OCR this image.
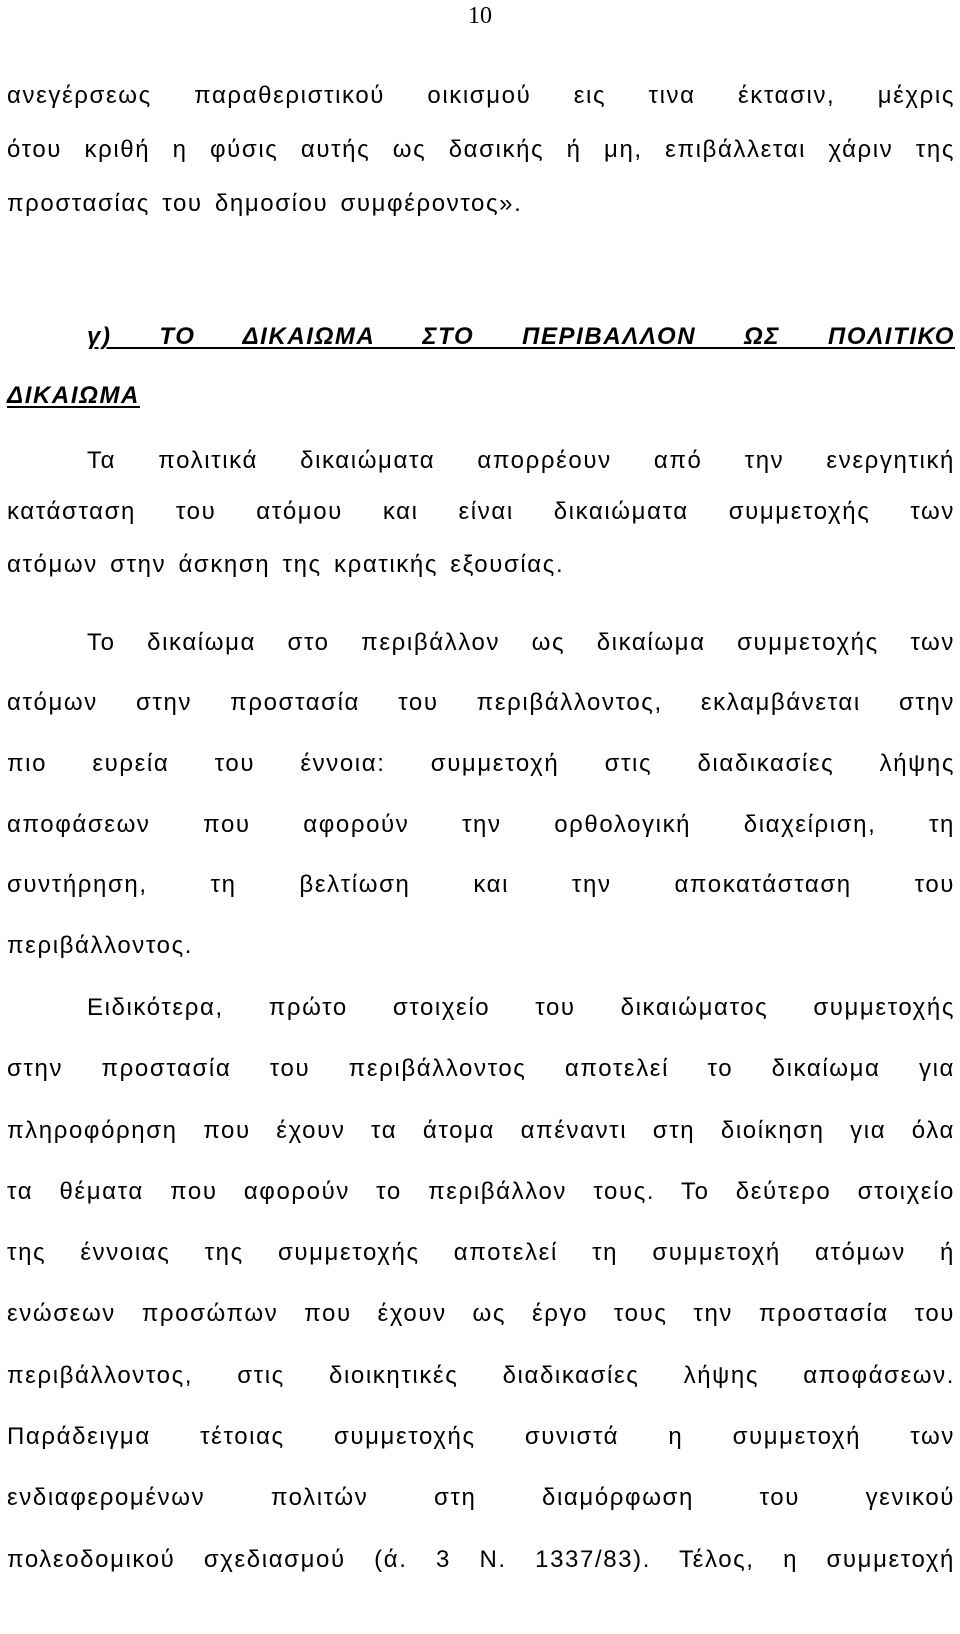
10
ανεγέρσεως παραθεριστικού οικισμού εις τινα έκτασιν, μέχρις
ότου κριθή η φύσις αυτής ως δασικής ή μη, επιβάλλεται χάριν της
προστασίας του δημοσίου συμφέροντος».
γ) ΤΟ ΔΙΚΑΙΩΜΑ ΣΤΟ ΠΕΡΙΒΑΛΛΟΝ ΩΣ ΠΟΛΙΤΙΚΟ
ΔΙΚΑΙΩΜΑ
Τα πολιτικά δικαιώματα απορρέουν από την ενεργητική
κατάσταση του ατόμου και είναι δικαιώματα συμμετοχής των
ατόμων στην άσκηση της κρατικής εξουσίας.
Το δικαίωμα στο περιβάλλον ως δικαίωμα συμμετοχής των
ατόμων στην προστασία του περιβάλλοντος, εκλαμβάνεται στην
πιο ευρεία του έννοια: συμμετοχή στις διαδικασίες λήψης
αποφάσεων που αφορούν την ορθολογική διαχείριση, τη
συντήρηση, τη βελτίωση και την αποκατάσταση του
περιβάλλοντος.
Ειδικότερα, πρώτο στοιχείο του δικαιώματος συμμετοχής
στην προστασία του περιβάλλοντος αποτελεί το δικαίωμα για
πληροφόρηση που έχουν τα άτομα απέναντι στη διοίκηση για όλα
τα θέματα που αφορούν το περιβάλλον τους. Το δεύτερο στοιχείο
της έννοιας της συμμετοχής αποτελεί τη συμμετοχή ατόμων ή
ενώσεων προσώπων που έχουν ως έργο τους την προστασία του
περιβάλλοντος, στις διοικητικές διαδικασίες λήψης αποφάσεων.
Παράδειγμα τέτοιας συμμετοχής συνιστά η συμμετοχή των
ενδιαφερομένων πολιτών στη διαμόρφωση του γενικού
πολεοδομικού σχεδιασμού (ά. 3 Ν. 1337/83). Τέλος, η συμμετοχή
